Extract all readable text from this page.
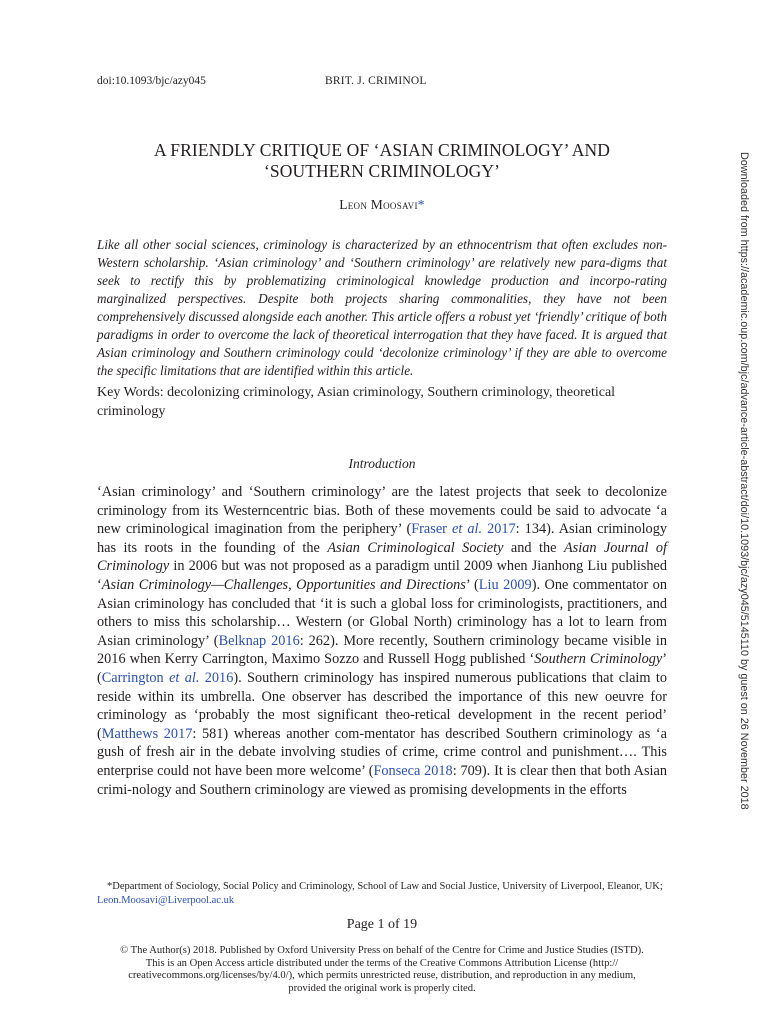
doi:10.1093/bjc/azy045	BRIT. J. CRIMINOL
A FRIENDLY CRITIQUE OF ‘ASIAN CRIMINOLOGY’ AND
‘SOUTHERN CRIMINOLOGY’
Leon Moosavi*
Like all other social sciences, criminology is characterized by an ethnocentrism that often excludes non-Western scholarship. ‘Asian criminology’ and ‘Southern criminology’ are relatively new para-digms that seek to rectify this by problematizing criminological knowledge production and incorpo-rating marginalized perspectives. Despite both projects sharing commonalities, they have not been comprehensively discussed alongside each another. This article offers a robust yet ‘friendly’ critique of both paradigms in order to overcome the lack of theoretical interrogation that they have faced. It is argued that Asian criminology and Southern criminology could ‘decolonize criminology’ if they are able to overcome the specific limitations that are identified within this article.
Key Words: decolonizing criminology, Asian criminology, Southern criminology, theoretical criminology
Introduction
‘Asian criminology’ and ‘Southern criminology’ are the latest projects that seek to decolonize criminology from its Westerncentric bias. Both of these movements could be said to advocate ‘a new criminological imagination from the periphery’ (Fraser et al. 2017: 134). Asian criminology has its roots in the founding of the Asian Criminological Society and the Asian Journal of Criminology in 2006 but was not proposed as a paradigm until 2009 when Jianhong Liu published ‘Asian Criminology—Challenges, Opportunities and Directions’ (Liu 2009). One commentator on Asian criminology has concluded that ‘it is such a global loss for criminologists, practitioners, and others to miss this scholarship… Western (or Global North) criminology has a lot to learn from Asian criminology’ (Belknap 2016: 262). More recently, Southern criminology became visible in 2016 when Kerry Carrington, Maximo Sozzo and Russell Hogg published ‘Southern Criminology’ (Carrington et al. 2016). Southern criminology has inspired numerous publications that claim to reside within its umbrella. One observer has described the importance of this new oeuvre for criminology as ‘probably the most significant theo-retical development in the recent period’ (Matthews 2017: 581) whereas another com-mentator has described Southern criminology as ‘a gush of fresh air in the debate involving studies of crime, crime control and punishment…. This enterprise could not have been more welcome’ (Fonseca 2018: 709). It is clear then that both Asian crimi-nology and Southern criminology are viewed as promising developments in the efforts
*Department of Sociology, Social Policy and Criminology, School of Law and Social Justice, University of Liverpool, Eleanor, UK; Leon.Moosavi@Liverpool.ac.uk
Page 1 of 19
© The Author(s) 2018. Published by Oxford University Press on behalf of the Centre for Crime and Justice Studies (ISTD).
This is an Open Access article distributed under the terms of the Creative Commons Attribution License (http://
creativecommons.org/licenses/by/4.0/), which permits unrestricted reuse, distribution, and reproduction in any medium,
provided the original work is properly cited.
Downloaded from https://academic.oup.com/bjc/advance-article-abstract/doi/10.1093/bjc/azy045/5145110 by guest on 26 November 2018
